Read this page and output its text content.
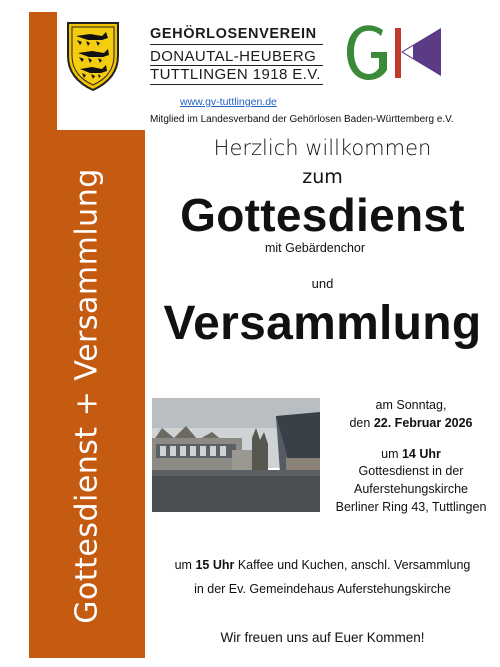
Gottesdienst + Versammlung
GEHÖRLOSENVEREIN
DONAUTAL-HEUBERG
TUTTLINGEN 1918 E.V.
www.gv-tuttlingen.de
Mitglied im Landesverband der Gehörlosen Baden-Württemberg e.V.
Herzlich willkommen
zum
Gottesdienst
mit Gebärdenchor
und
Versammlung
am Sonntag,
den 22. Februar 2026
um 14 Uhr
Gottesdienst in der
Auferstehungskirche
Berliner Ring 43, Tuttlingen
um 15 Uhr Kaffee und Kuchen, anschl. Versammlung
in der Ev. Gemeindehaus Auferstehungskirche
Wir freuen uns auf Euer Kommen!
